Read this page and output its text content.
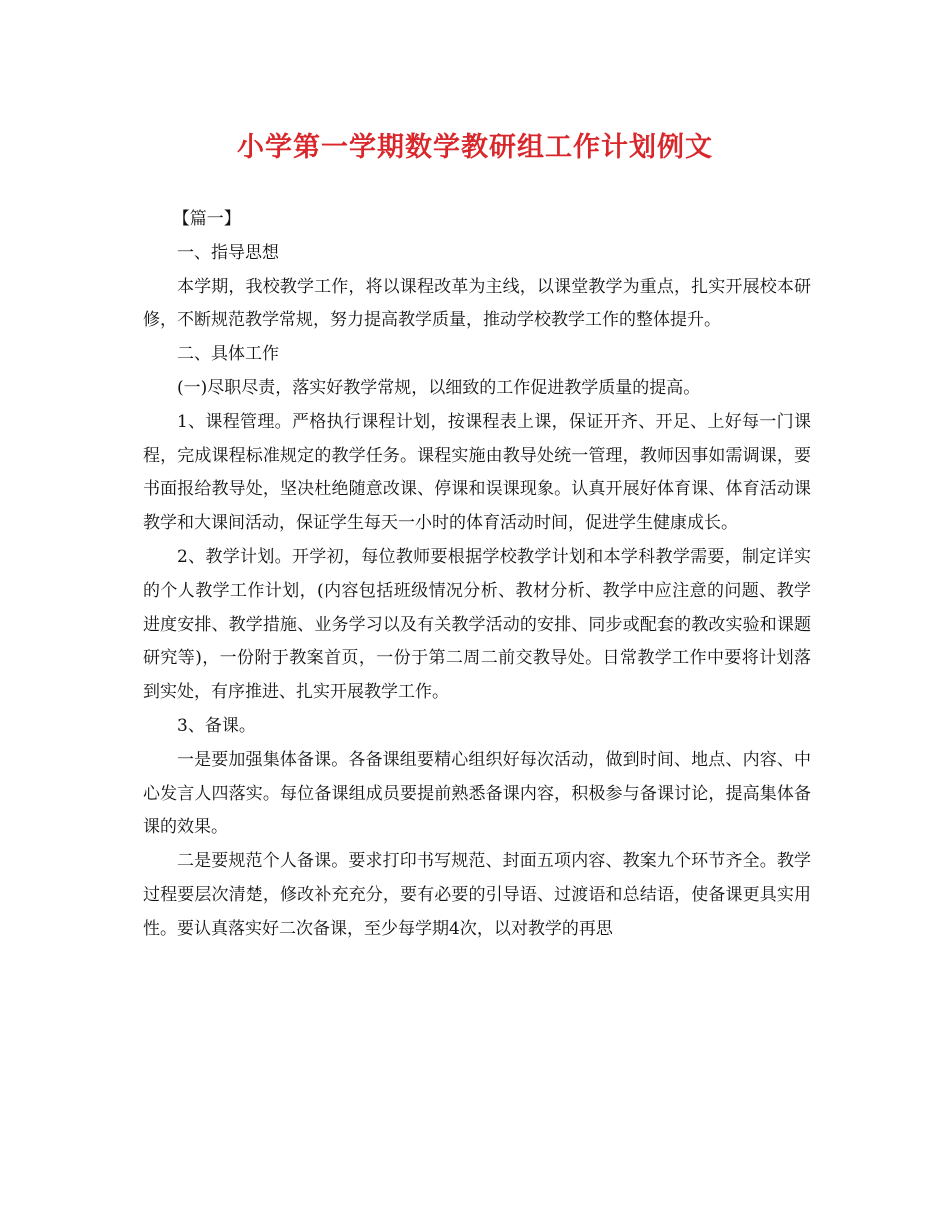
小学第一学期数学教研组工作计划例文

【篇一】

一、指导思想

本学期，我校教学工作，将以课程改革为主线，以课堂教学为重点，扎实开展校本研修，不断规范教学常规，努力提高教学质量，推动学校教学工作的整体提升。

二、具体工作

(一)尽职尽责，落实好教学常规，以细致的工作促进教学质量的提高。

1、课程管理。严格执行课程计划，按课程表上课，保证开齐、开足、上好每一门课程，完成课程标准规定的教学任务。课程实施由教导处统一管理，教师因事如需调课，要书面报给教导处，坚决杜绝随意改课、停课和误课现象。认真开展好体育课、体育活动课教学和大课间活动，保证学生每天一小时的体育活动时间，促进学生健康成长。

2、教学计划。开学初，每位教师要根据学校教学计划和本学科教学需要，制定详实的个人教学工作计划，(内容包括班级情况分析、教材分析、教学中应注意的问题、教学进度安排、教学措施、业务学习以及有关教学活动的安排、同步或配套的教改实验和课题研究等)，一份附于教案首页，一份于第二周二前交教导处。日常教学工作中要将计划落到实处，有序推进、扎实开展教学工作。

3、备课。

一是要加强集体备课。各备课组要精心组织好每次活动，做到时间、地点、内容、中心发言人四落实。每位备课组成员要提前熟悉备课内容，积极参与备课讨论，提高集体备课的效果。

二是要规范个人备课。要求打印书写规范、封面五项内容、教案九个环节齐全。教学过程要层次清楚，修改补充充分，要有必要的引导语、过渡语和总结语，使备课更具实用性。要认真落实好二次备课，至少每学期4次，以对教学的再思
